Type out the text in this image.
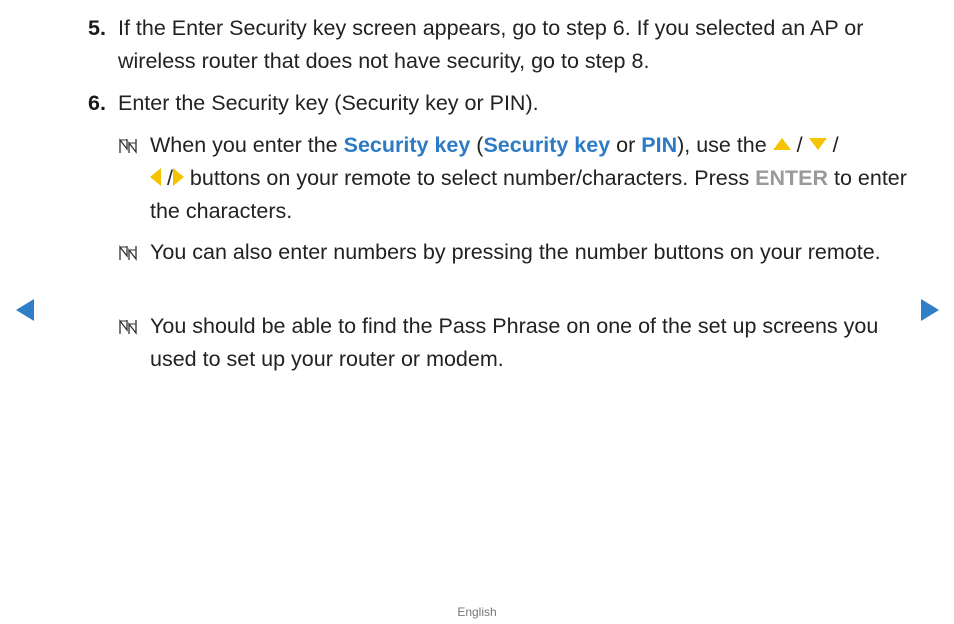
5. If the Enter Security key screen appears, go to step 6. If you selected an AP or wireless router that does not have security, go to step 8.
6. Enter the Security key (Security key or PIN).
When you enter the Security key (Security key or PIN), use the  /  /
/ buttons on your remote to select number/characters. Press ENTER to enter the characters.
You can also enter numbers by pressing the number buttons on your remote.
You should be able to find the Pass Phrase on one of the set up screens you used to set up your router or modem.
English
